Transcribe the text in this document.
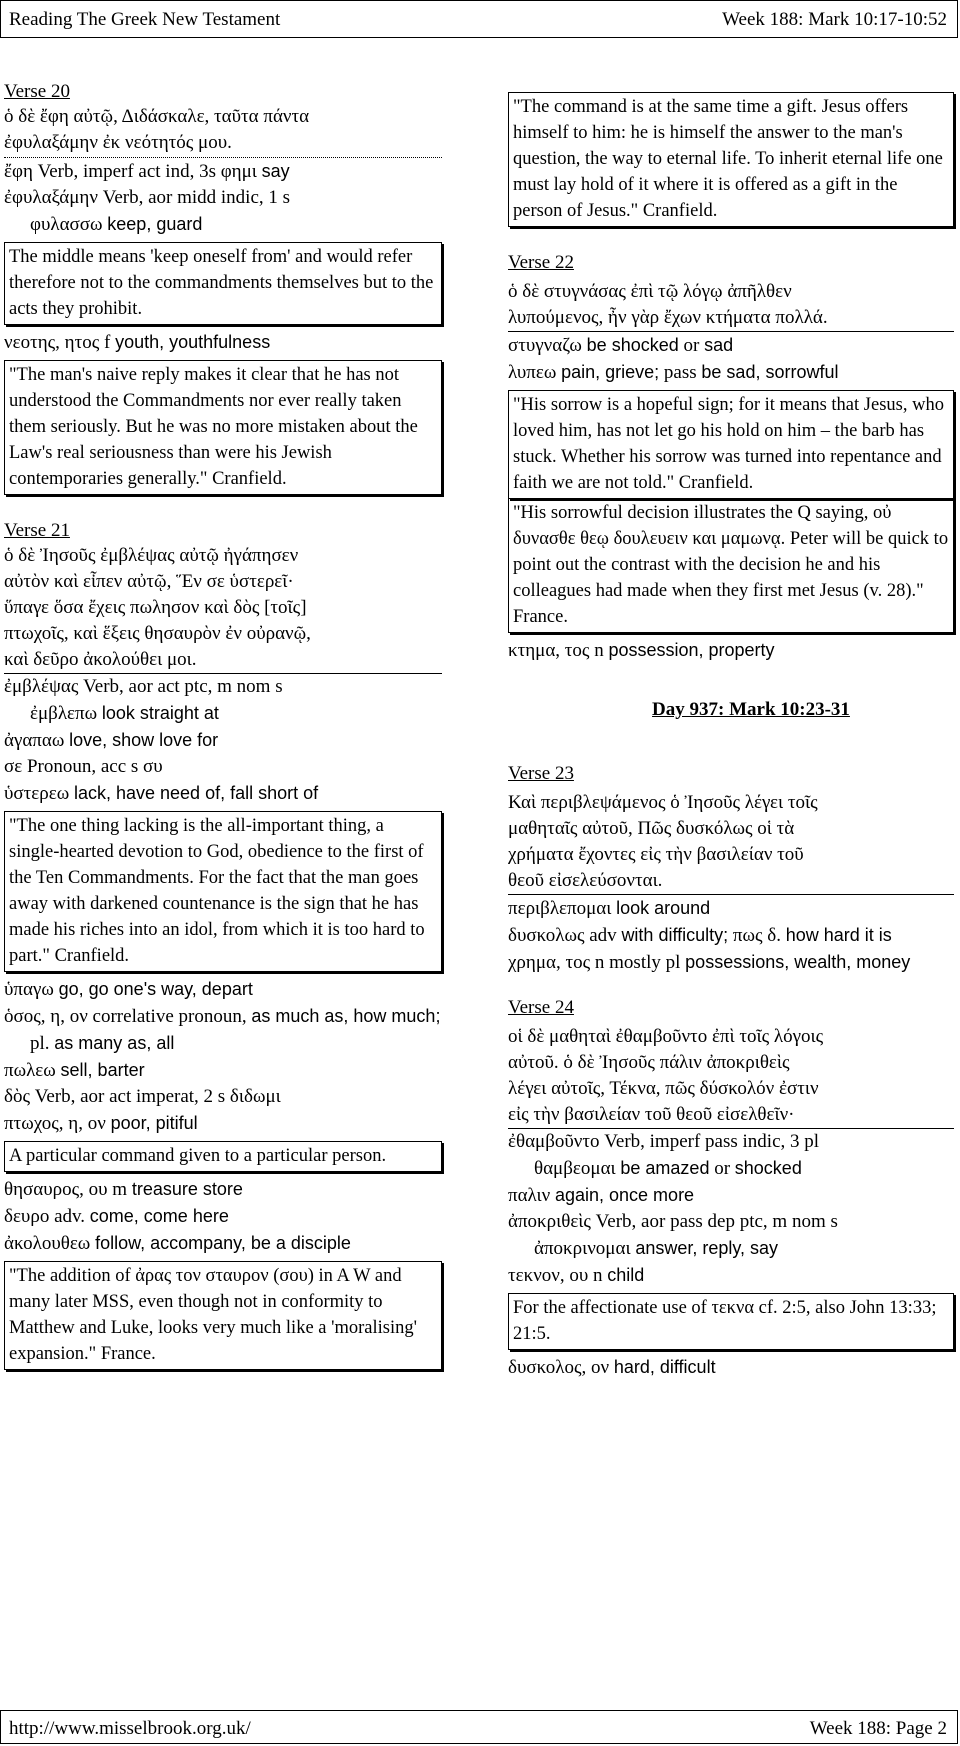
Reading The Greek New Testament	Week 188: Mark 10:17-10:52
Verse 20
ὁ δὲ ἔφη αὐτῷ, Διδάσκαλε, ταῦτα πάντα
ἐφυλαξάμην ἐκ νεότητός μου.
ἔφη Verb, imperf act ind, 3s φημι say
ἐφυλαξάμην Verb, aor midd indic, 1 s
φυλασσω keep, guard
The middle means 'keep oneself from' and would refer therefore not to the commandments themselves but to the acts they prohibit.
νεοτης, ητος f youth, youthfulness
"The man's naive reply makes it clear that he has not understood the Commandments nor ever really taken them seriously. But he was no more mistaken about the Law's real seriousness than were his Jewish contemporaries generally." Cranfield.
Verse 21
ὁ δὲ Ἰησοῦς ἐμβλέψας αὐτῷ ἠγάπησεν
αὐτὸν καὶ εἶπεν αὐτῷ, Ἕν σε ὑστερεῖ·
ὕπαγε ὅσα ἔχεις πωλησον καὶ δὸς [τοῖς]
πτωχοῖς, καὶ ἕξεις θησαυρὸν ἐν οὐρανῷ,
καὶ δεῦρο ἀκολούθει μοι.
ἐμβλέψας Verb, aor act ptc, m nom s
ἐμβλεπω look straight at
ἀγαπαω love, show love for
σε Pronoun, acc s συ
ὑστερεω lack, have need of, fall short of
"The one thing lacking is the all-important thing, a single-hearted devotion to God, obedience to the first of the Ten Commandments. For the fact that the man goes away with darkened countenance is the sign that he has made his riches into an idol, from which it is too hard to part." Cranfield.
ὑπαγω go, go one's way, depart
ὁσος, η, ον correlative pronoun, as much as, how much; pl. as many as, all
πωλεω sell, barter
δὸς Verb, aor act imperat, 2 s διδωμι
πτωχος, η, ον poor, pitiful
A particular command given to a particular person.
θησαυρος, ου m treasure store
δευρο adv. come, come here
ἀκολουθεω follow, accompany, be a disciple
"The addition of ἀρας τον σταυρον (σου) in A W and many later MSS, even though not in conformity to Matthew and Luke, looks very much like a 'moralising' expansion." France.
"The command is at the same time a gift. Jesus offers himself to him: he is himself the answer to the man's question, the way to eternal life. To inherit eternal life one must lay hold of it where it is offered as a gift in the person of Jesus." Cranfield.
Verse 22
ὁ δὲ στυγνάσας ἐπὶ τῷ λόγῳ ἀπῆλθεν
λυπούμενος, ἦν γὰρ ἔχων κτήματα πολλά.
στυγναζω be shocked or sad
λυπεω pain, grieve; pass be sad, sorrowful
"His sorrow is a hopeful sign; for it means that Jesus, who loved him, has not let go his hold on him – the barb has stuck. Whether his sorrow was turned into repentance and faith we are not told." Cranfield.
"His sorrowful decision illustrates the Q saying, οὐ δυνασθε θεῳ δουλευειν και μαμωνᾳ. Peter will be quick to point out the contrast with the decision he and his colleagues had made when they first met Jesus (v. 28)." France.
κτημα, τος n possession, property
Day 937: Mark 10:23-31
Verse 23
Καὶ περιβλεψάμενος ὁ Ἰησοῦς λέγει τοῖς
μαθηταῖς αὐτοῦ, Πῶς δυσκόλως οἱ τὰ
χρήματα ἔχοντες εἰς τὴν βασιλείαν τοῦ
θεοῦ εἰσελεύσονται.
περιβλεπομαι look around
δυσκολως adv with difficulty; πως δ. how hard it is
χρημα, τος n mostly pl possessions, wealth, money
Verse 24
οἱ δὲ μαθηταὶ ἐθαμβοῦντο ἐπὶ τοῖς λόγοις
αὐτοῦ. ὁ δὲ Ἰησοῦς πάλιν ἀποκριθεὶς
λέγει αὐτοῖς, Τέκνα, πῶς δύσκολόν ἐστιν
εἰς τὴν βασιλείαν τοῦ θεοῦ εἰσελθεῖν·
ἐθαμβοῦντο Verb, imperf pass indic, 3 pl
θαμβεομαι be amazed or shocked
παλιν again, once more
ἀποκριθεὶς Verb, aor pass dep ptc, m nom s
ἀποκρινομαι answer, reply, say
τεκνον, ου n child
For the affectionate use of τεκνα cf. 2:5, also John 13:33; 21:5.
δυσκολος, ον hard, difficult
http://www.misselbrook.org.uk/	Week 188: Page 2
